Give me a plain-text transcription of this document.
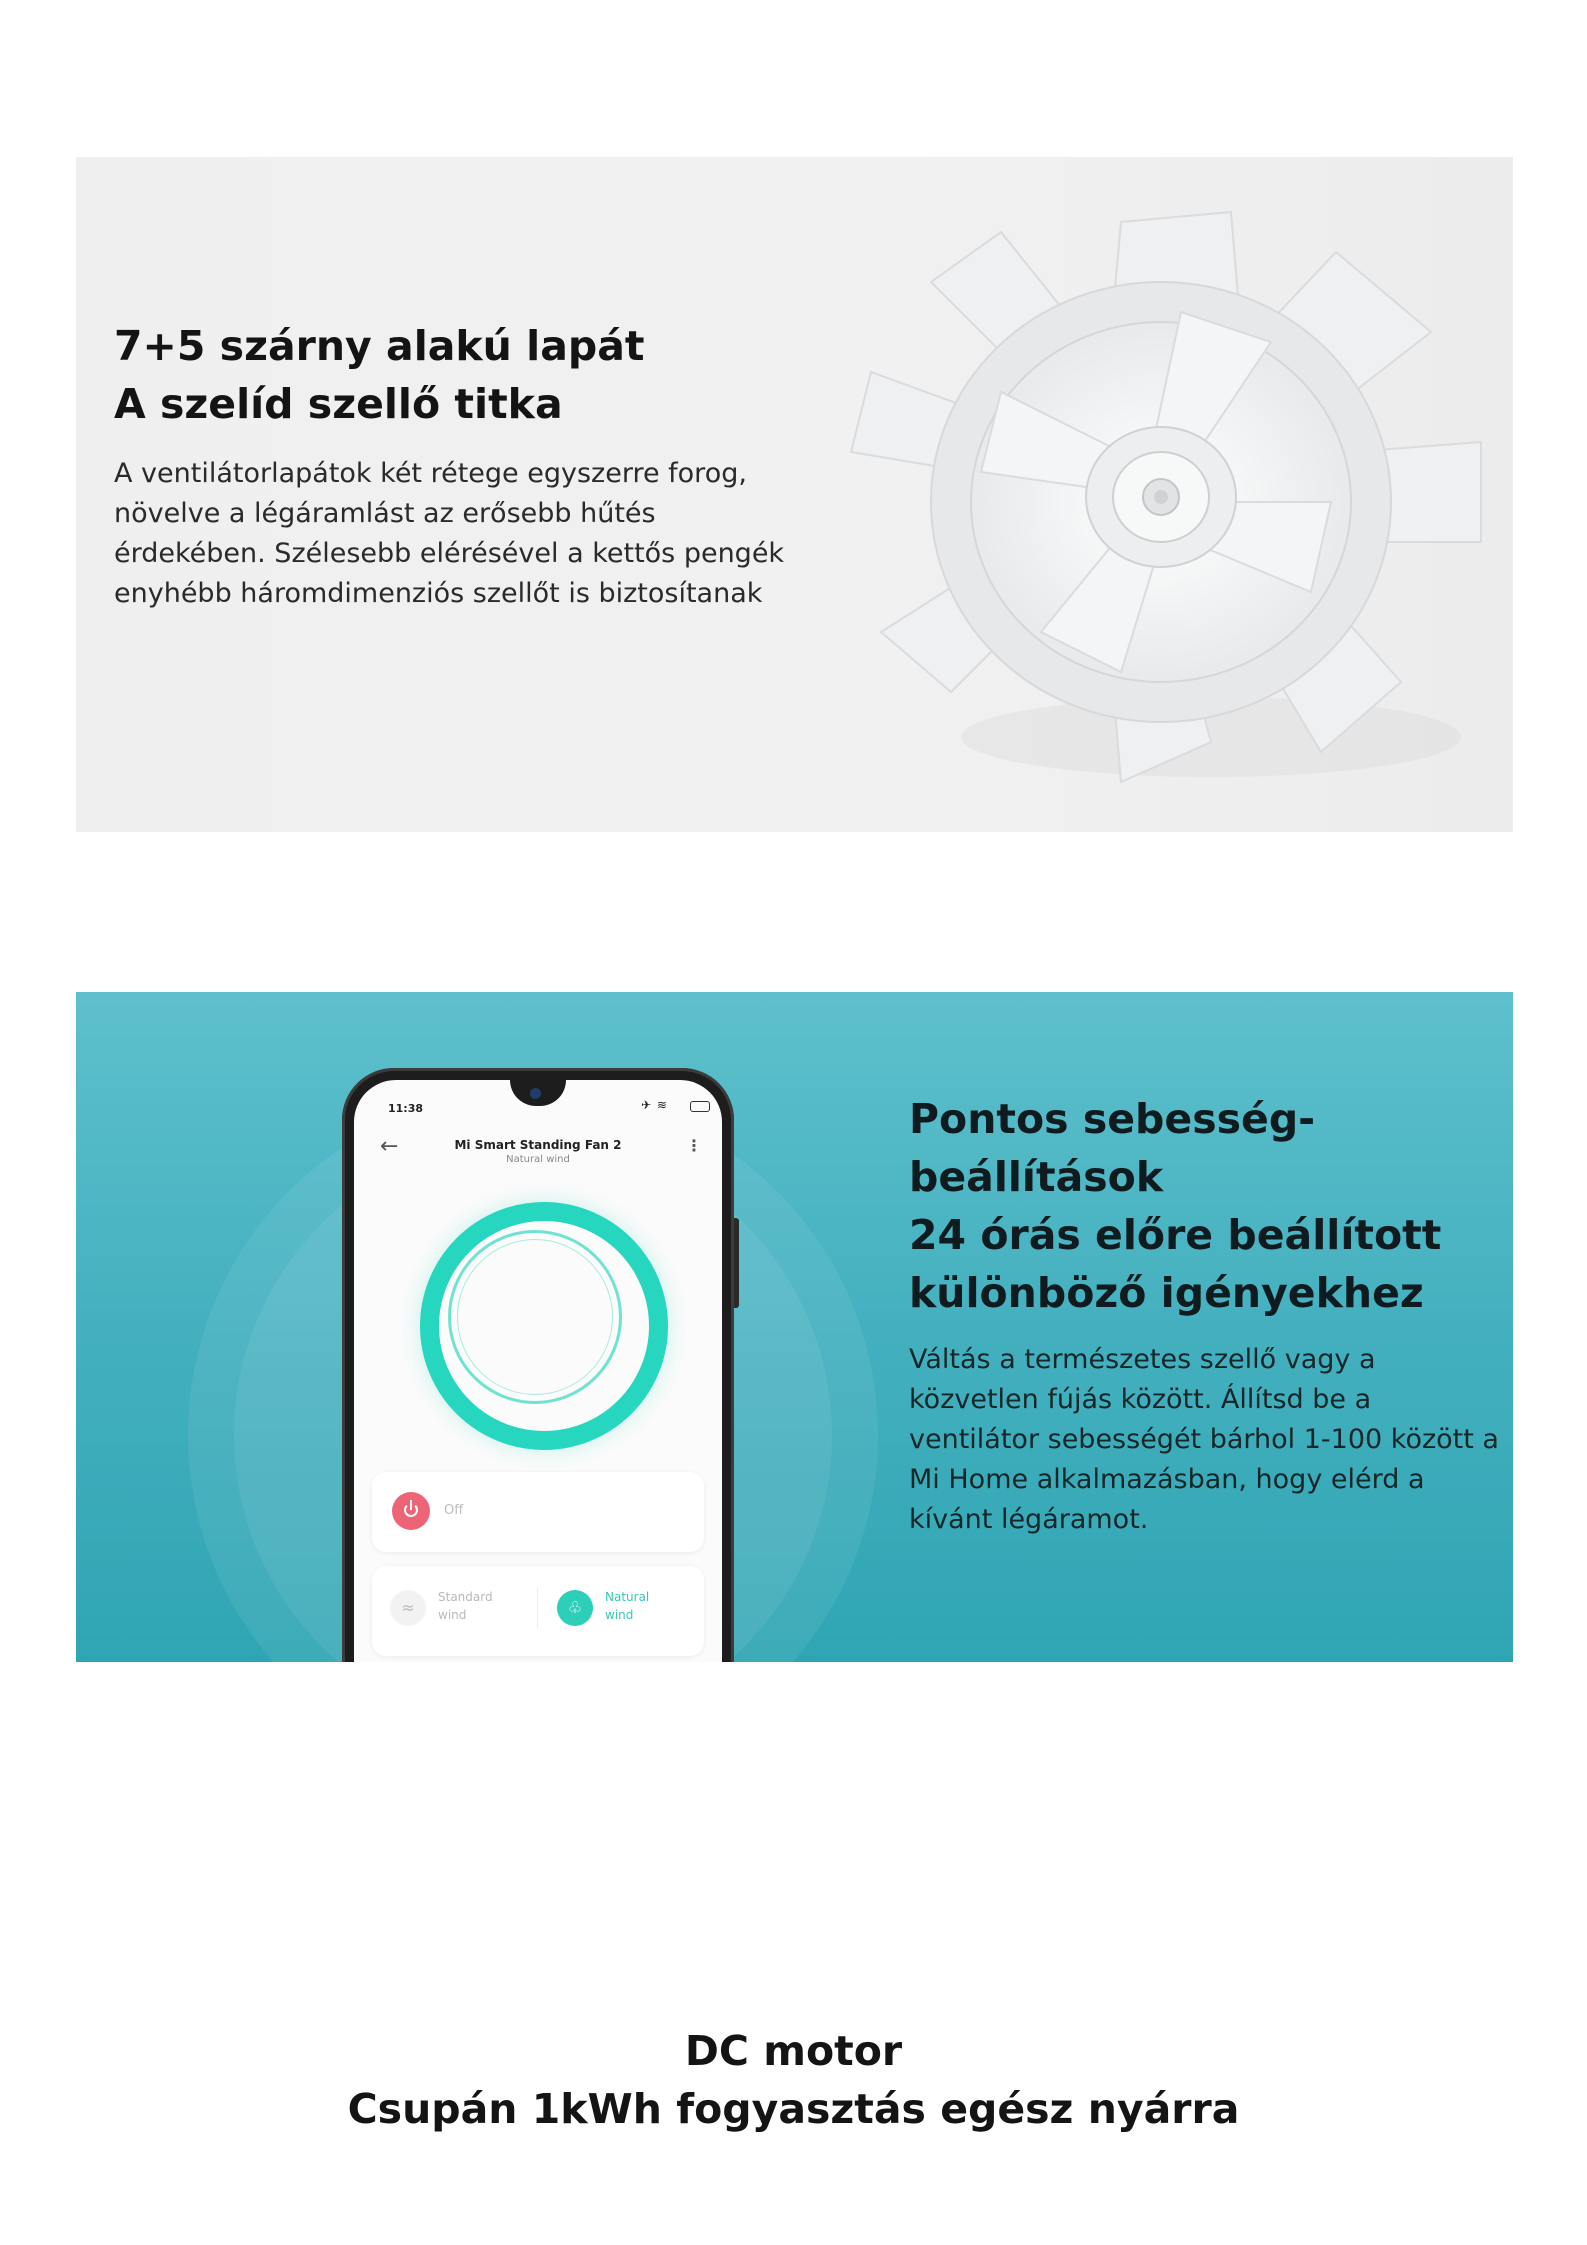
7+5 szárny alakú lapát
A szelíd szellő titka

A ventilátorlapátok két rétege egyszerre forog, növelve a légáramlást az erősebb hűtés érdekében. Szélesebb elérésével a kettős pengék enyhébb háromdimenziós szellőt is biztosítanak

11:38	✈ ≋
←	Mi Smart Standing Fan 2
Natural wind
⋮
Off
≈
Standard
wind	♧
Natural
wind
Pontos sebesség-
beállítások
24 órás előre beállított
különböző igényekhez

Váltás a természetes szellő vagy a közvetlen fújás között. Állítsd be a ventilátor sebességét bárhol 1-100 között a Mi Home alkalmazásban, hogy elérd a kívánt légáramot.

DC motor
Csupán 1kWh fogyasztás egész nyárra
